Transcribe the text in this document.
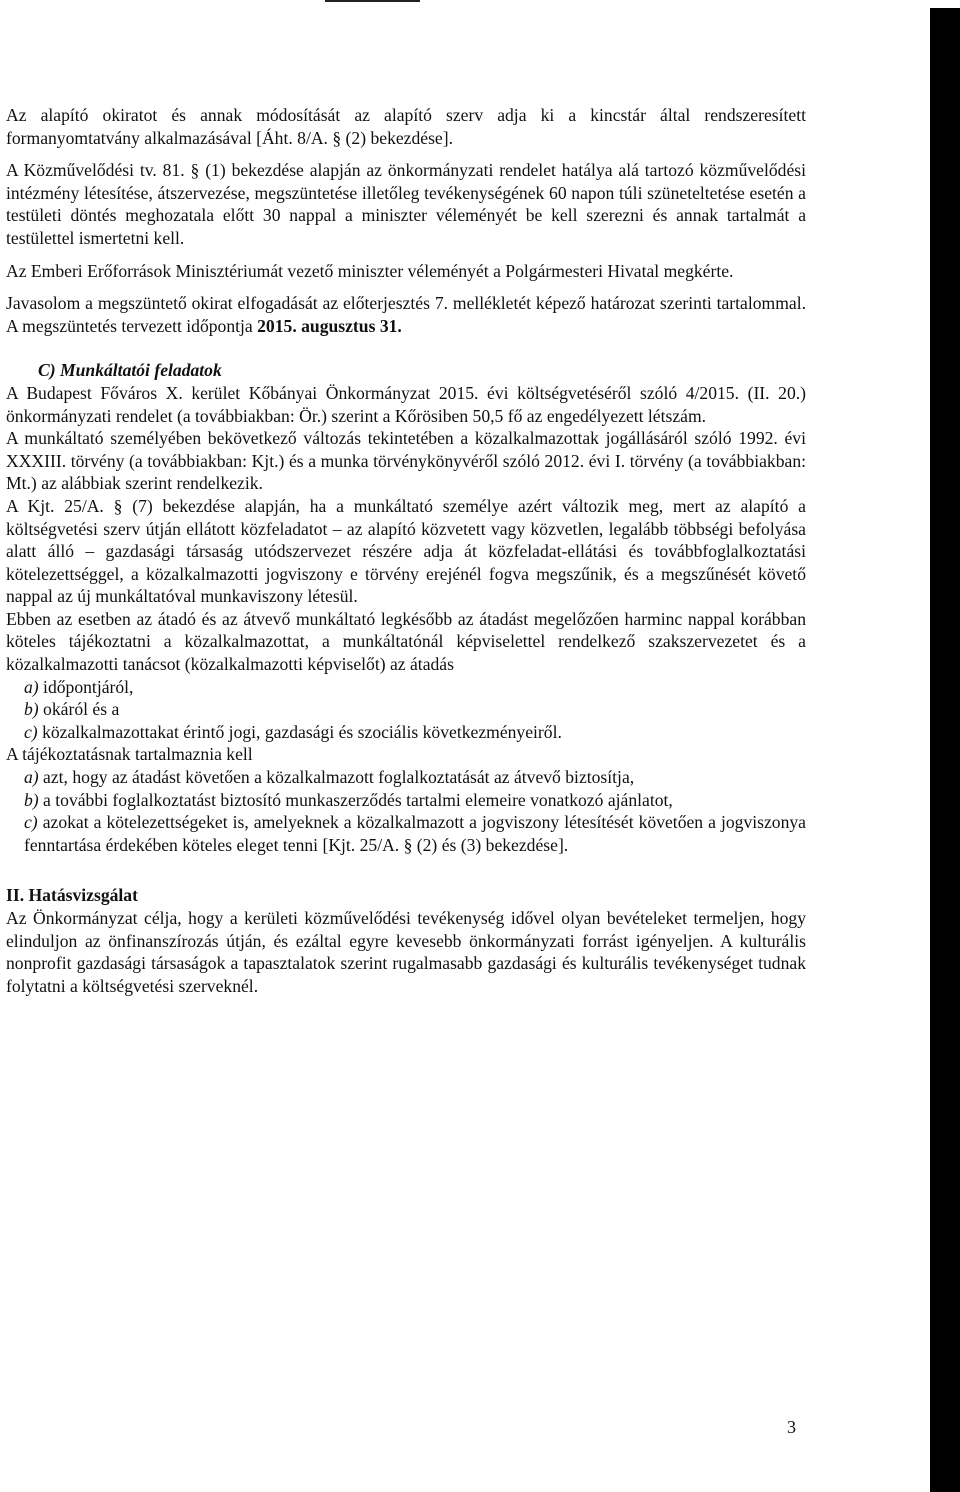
Az alapító okiratot és annak módosítását az alapító szerv adja ki a kincstár által rendszeresített formanyomtatvány alkalmazásával [Áht. 8/A. § (2) bekezdése].

A Közművelődési tv. 81. § (1) bekezdése alapján az önkormányzati rendelet hatálya alá tartozó közművelődési intézmény létesítése, átszervezése, megszüntetése illetőleg tevékenységének 60 napon túli szüneteltetése esetén a testületi döntés meghozatala előtt 30 nappal a miniszter véleményét be kell szerezni és annak tartalmát a testülettel ismertetni kell.

Az Emberi Erőforrások Minisztériumát vezető miniszter véleményét a Polgármesteri Hivatal megkérte.

Javasolom a megszüntető okirat elfogadását az előterjesztés 7. mellékletét képező határozat szerinti tartalommal. A megszüntetés tervezett időpontja 2015. augusztus 31.

C) Munkáltatói feladatok

A Budapest Főváros X. kerület Kőbányai Önkormányzat 2015. évi költségvetéséről szóló 4/2015. (II. 20.) önkormányzati rendelet (a továbbiakban: Ör.) szerint a Kőrösiben 50,5 fő az engedélyezett létszám.

A munkáltató személyében bekövetkező változás tekintetében a közalkalmazottak jogállásáról szóló 1992. évi XXXIII. törvény (a továbbiakban: Kjt.) és a munka törvénykönyvéről szóló 2012. évi I. törvény (a továbbiakban: Mt.) az alábbiak szerint rendelkezik.

A Kjt. 25/A. § (7) bekezdése alapján, ha a munkáltató személye azért változik meg, mert az alapító a költségvetési szerv útján ellátott közfeladatot – az alapító közvetett vagy közvetlen, legalább többségi befolyása alatt álló – gazdasági társaság utódszervezet részére adja át közfeladat-ellátási és továbbfoglalkoztatási kötelezettséggel, a közalkalmazotti jogviszony e törvény erejénél fogva megszűnik, és a megszűnését követő nappal az új munkáltatóval munkaviszony létesül.

Ebben az esetben az átadó és az átvevő munkáltató legkésőbb az átadást megelőzően harminc nappal korábban köteles tájékoztatni a közalkalmazottat, a munkáltatónál képviselettel rendelkező szakszervezetet és a közalkalmazotti tanácsot (közalkalmazotti képviselőt) az átadás

a) időpontjáról,

b) okáról és a

c) közalkalmazottakat érintő jogi, gazdasági és szociális következményeiről.

A tájékoztatásnak tartalmaznia kell

a) azt, hogy az átadást követően a közalkalmazott foglalkoztatását az átvevő biztosítja,

b) a további foglalkoztatást biztosító munkaszerződés tartalmi elemeire vonatkozó ajánlatot,

c) azokat a kötelezettségeket is, amelyeknek a közalkalmazott a jogviszony létesítését követően a jogviszonya fenntartása érdekében köteles eleget tenni [Kjt. 25/A. § (2) és (3) bekezdése].

II. Hatásvizsgálat

Az Önkormányzat célja, hogy a kerületi közművelődési tevékenység idővel olyan bevételeket termeljen, hogy elinduljon az önfinanszírozás útján, és ezáltal egyre kevesebb önkormányzati forrást igényeljen. A kulturális nonprofit gazdasági társaságok a tapasztalatok szerint rugalmasabb gazdasági és kulturális tevékenységet tudnak folytatni a költségvetési szerveknél.

3
